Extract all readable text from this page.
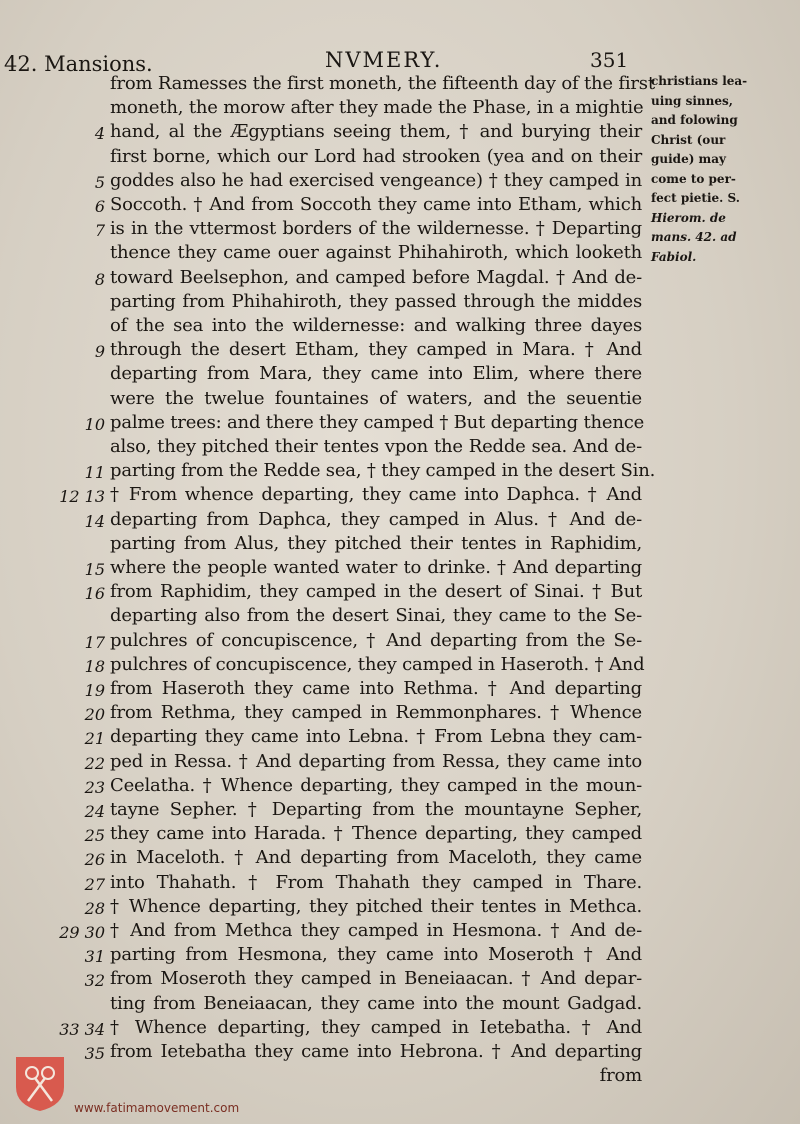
42. Mansions.	NVMERY.	351
christians lea-
uing sinnes,
and folowing
Christ (our
guide) may
come to per-
fect pietie. S.
Hierom. de
mans. 42. ad
Fabiol.
from Ramesses the first moneth, the fifteenth day of the first
moneth, the morow after they made the Phase, in a mightie
4 hand, al the Ægyptians seeing them, † and burying their
first borne, which our Lord had strooken (yea and on their
5 goddes also he had exercised vengeance) † they camped in
6 Soccoth. † And from Soccoth they came into Etham, which
7 is in the vttermost borders of the wildernesse. † Departing
thence they came ouer against Phihahiroth, which looketh
8 toward Beelsephon, and camped before Magdal. † And de-
parting from Phihahiroth, they passed through the middes
of the sea into the wildernesse: and walking three dayes
9 through the desert Etham, they camped in Mara. † And
departing from Mara, they came into Elim, where there
were the twelue fountaines of waters, and the seuentie
10 palme trees: and there they camped † But departing thence
also, they pitched their tentes vpon the Redde sea. And de-
11 parting from the Redde sea, † they camped in the desert Sin.
12 13 † From whence departing, they came into Daphca. † And
14 departing from Daphca, they camped in Alus. † And de-
parting from Alus, they pitched their tentes in Raphidim,
15 where the people wanted water to drinke. † And departing
16 from Raphidim, they camped in the desert of Sinai. † But
departing also from the desert Sinai, they came to the Se-
17 pulchres of concupiscence, † And departing from the Se-
18 pulchres of concupiscence, they camped in Haseroth. † And
19 from Haseroth they came into Rethma. † And departing
20 from Rethma, they camped in Remmonphares. † Whence
21 departing they came into Lebna. † From Lebna they cam-
22 ped in Ressa. † And departing from Ressa, they came into
23 Ceelatha. † Whence departing, they camped in the moun-
24 tayne Sepher. † Departing from the mountayne Sepher,
25 they came into Harada. † Thence departing, they camped
26 in Maceloth. † And departing from Maceloth, they came
27 into Thahath. † From Thahath they camped in Thare.
28 † Whence departing, they pitched their tentes in Methca.
29 30 † And from Methca they camped in Hesmona. † And de-
31 parting from Hesmona, they came into Moseroth † And
32 from Moseroth they camped in Beneiaacan. † And depar-
ting from Beneiaacan, they came into the mount Gadgad.
33 34 † Whence departing, they camped in Ietebatha. † And
35 from Ietebatha they came into Hebrona. † And departing
from
www.fatimamovement.com
